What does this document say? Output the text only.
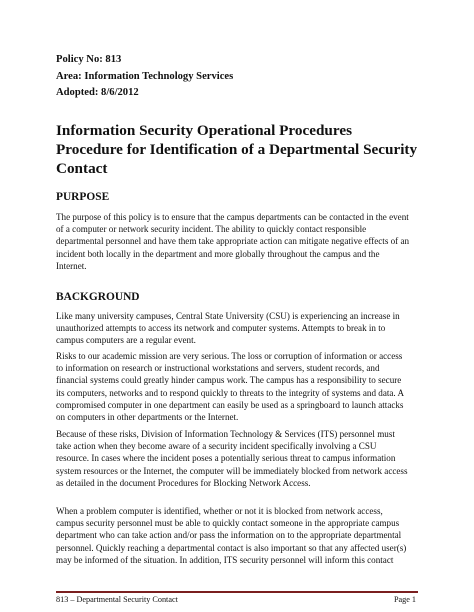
Policy No: 813
Area: Information Technology Services
Adopted: 8/6/2012
Information Security Operational Procedures
Procedure for Identification of a Departmental Security
Contact
PURPOSE
The purpose of this policy is to ensure that the campus departments can be contacted in the event
of a computer or network security incident. The ability to quickly contact responsible
departmental personnel and have them take appropriate action can mitigate negative effects of an
incident both locally in the department and more globally throughout the campus and the
Internet.
BACKGROUND
Like many university campuses, Central State University (CSU) is experiencing an increase in
unauthorized attempts to access its network and computer systems. Attempts to break in to
campus computers are a regular event.
Risks to our academic mission are very serious. The loss or corruption of information or access
to information on research or instructional workstations and servers, student records, and
financial systems could greatly hinder campus work. The campus has a responsibility to secure
its computers, networks and to respond quickly to threats to the integrity of systems and data. A
compromised computer in one department can easily be used as a springboard to launch attacks
on computers in other departments or the Internet.
Because of these risks, Division of Information Technology & Services (ITS) personnel must
take action when they become aware of a security incident specifically involving a CSU
resource. In cases where the incident poses a potentially serious threat to campus information
system resources or the Internet, the computer will be immediately blocked from network access
as detailed in the document Procedures for Blocking Network Access.
When a problem computer is identified, whether or not it is blocked from network access,
campus security personnel must be able to quickly contact someone in the appropriate campus
department who can take action and/or pass the information on to the appropriate departmental
personnel. Quickly reaching a departmental contact is also important so that any affected user(s)
may be informed of the situation. In addition, ITS security personnel will inform this contact
813 – Departmental Security Contact	Page 1
